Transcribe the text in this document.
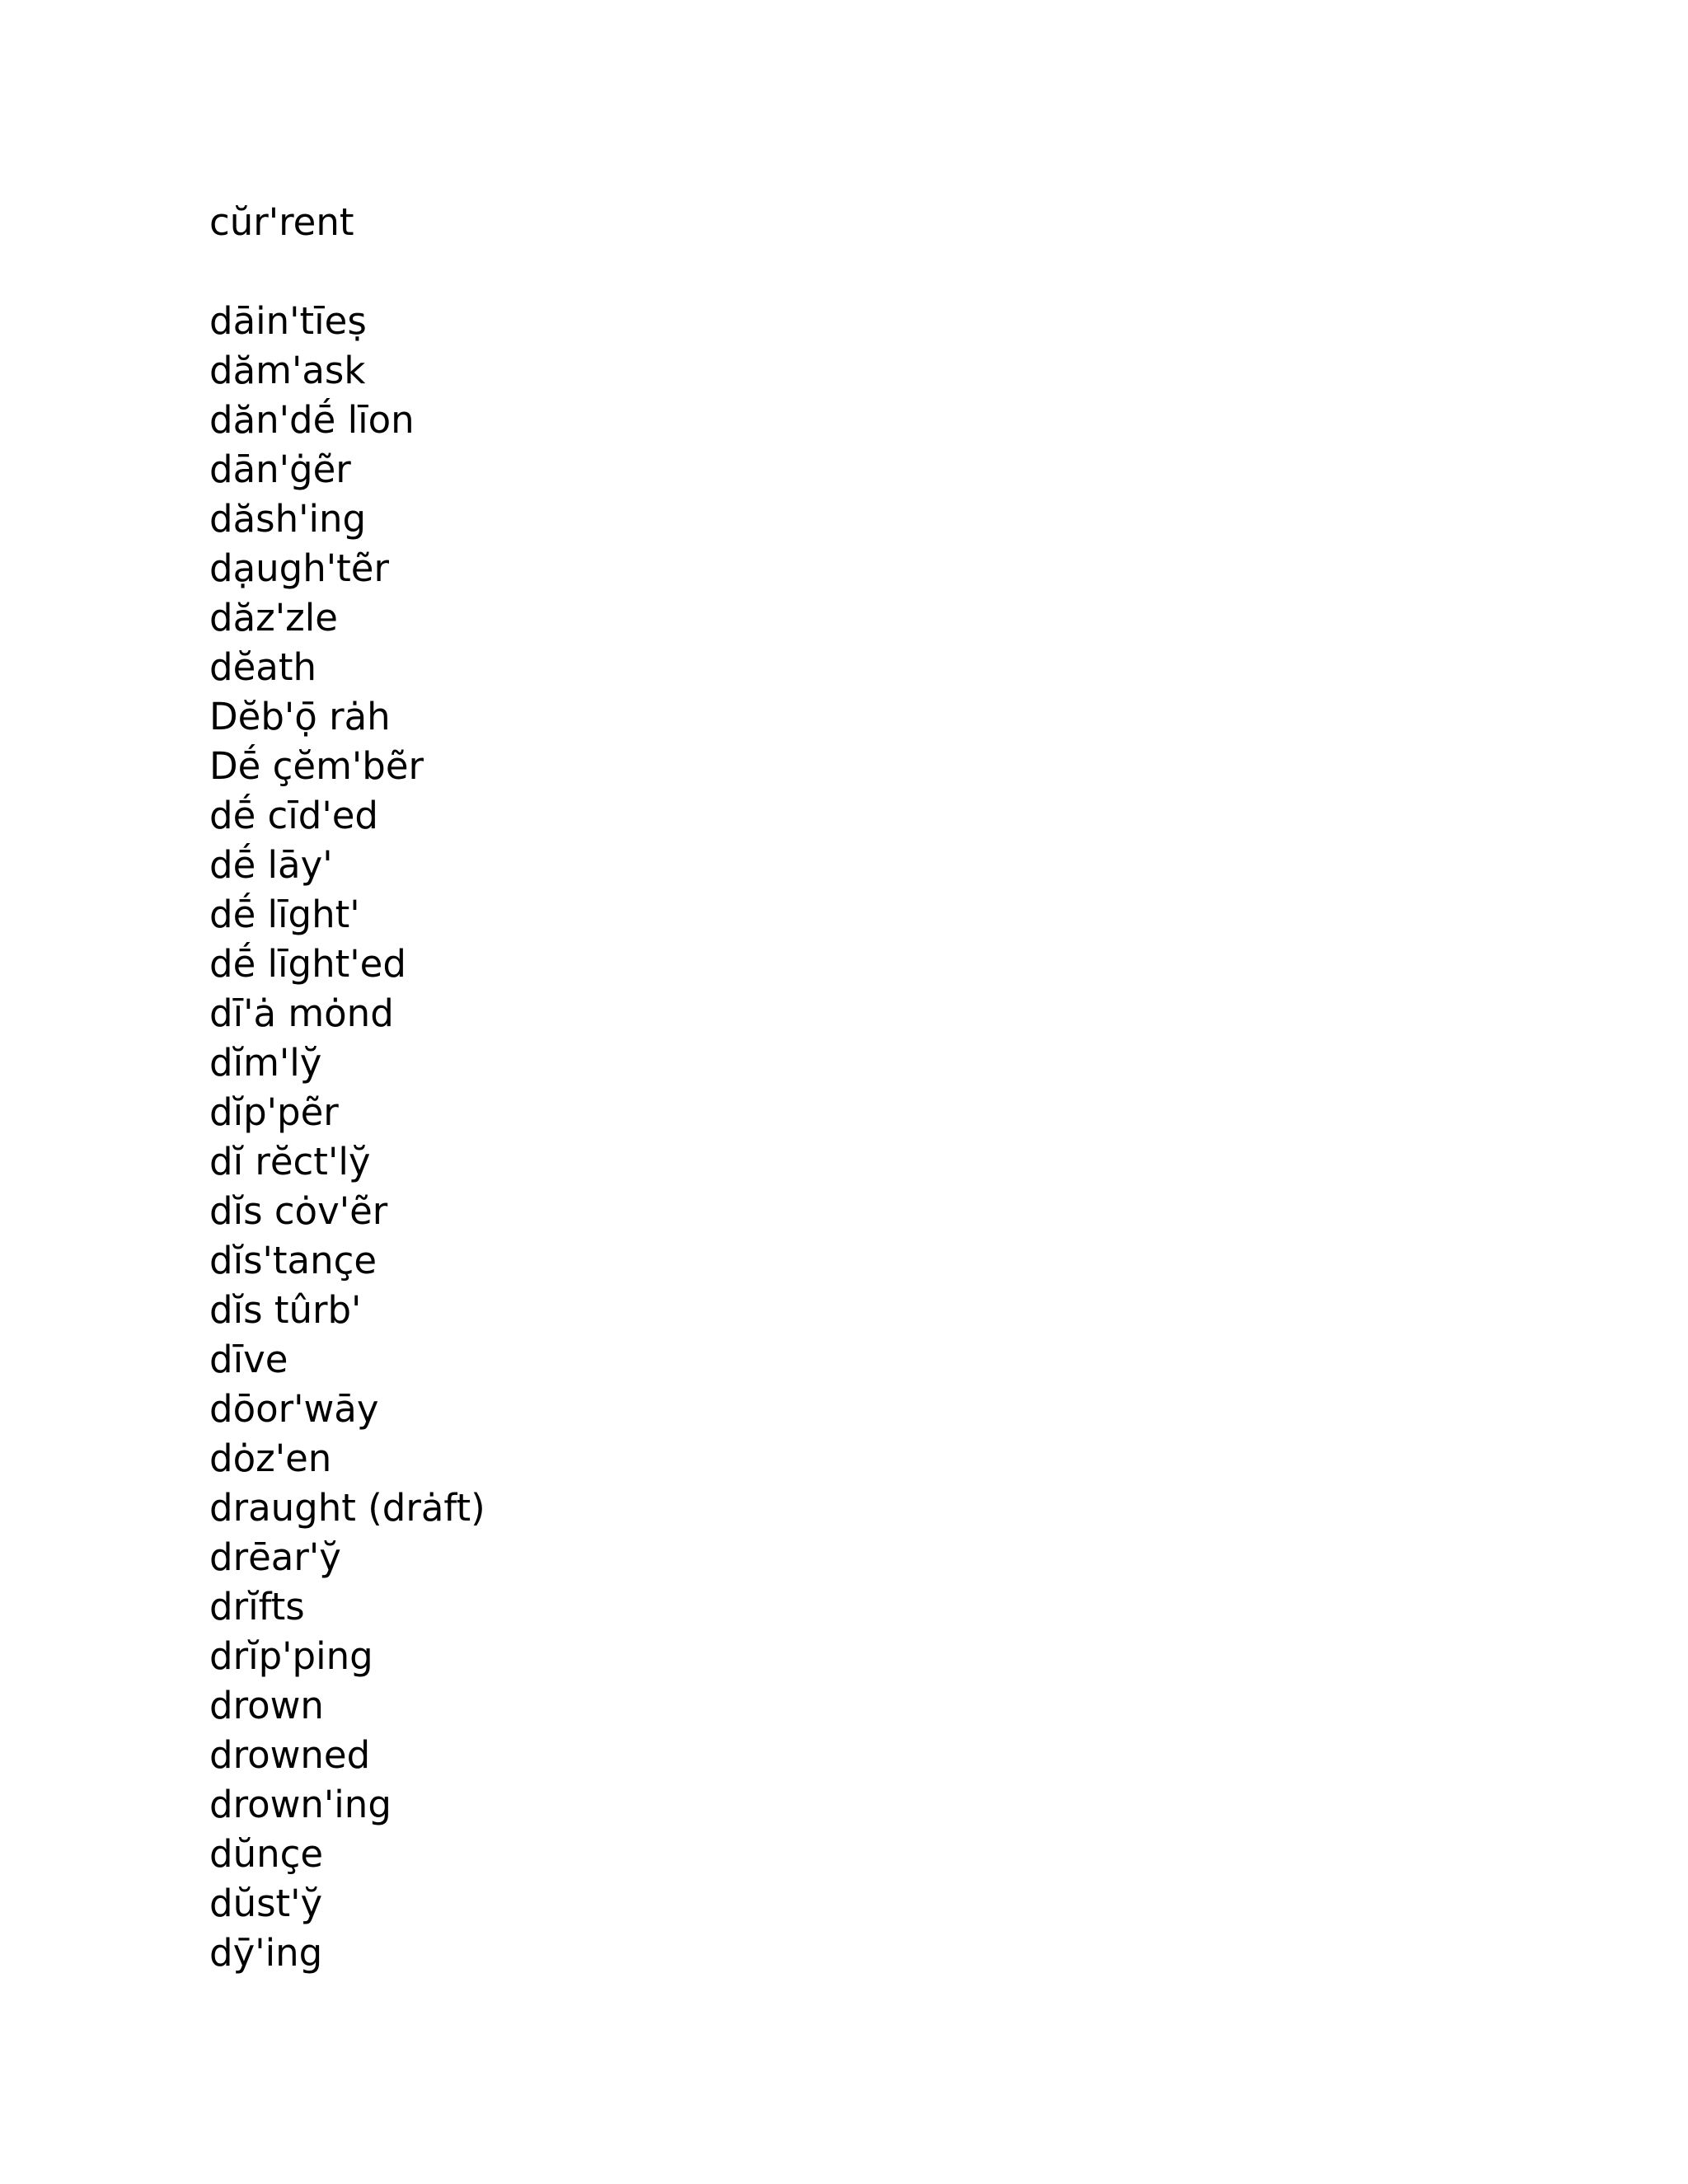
cŭr'rent
dāin'tīeṣ
dăm'ask
dăn'dḗ līon
dān'ġẽr
dăsh'ing
dạugh'tẽr
dăz'zle
dĕath
Dĕb'ọ̄ rȧh
Dḗ çĕm'bẽr
dḗ cīd'ed
dḗ lāy'
dḗ līght'
dḗ līght'ed
dī'ȧ mȯnd
dĭm'ly̆
dĭp'pẽr
dĭ rĕct'ly̆
dĭs cȯv'ẽr
dĭs'tançe
dĭs tûrb'
dīve
dōor'wāy
dȯz'en
draught (drȧft)
drēar'y̆
drĭfts
drĭp'ping
drown
drowned
drown'ing
dŭnçe
dŭst'y̆
dȳ'ing
